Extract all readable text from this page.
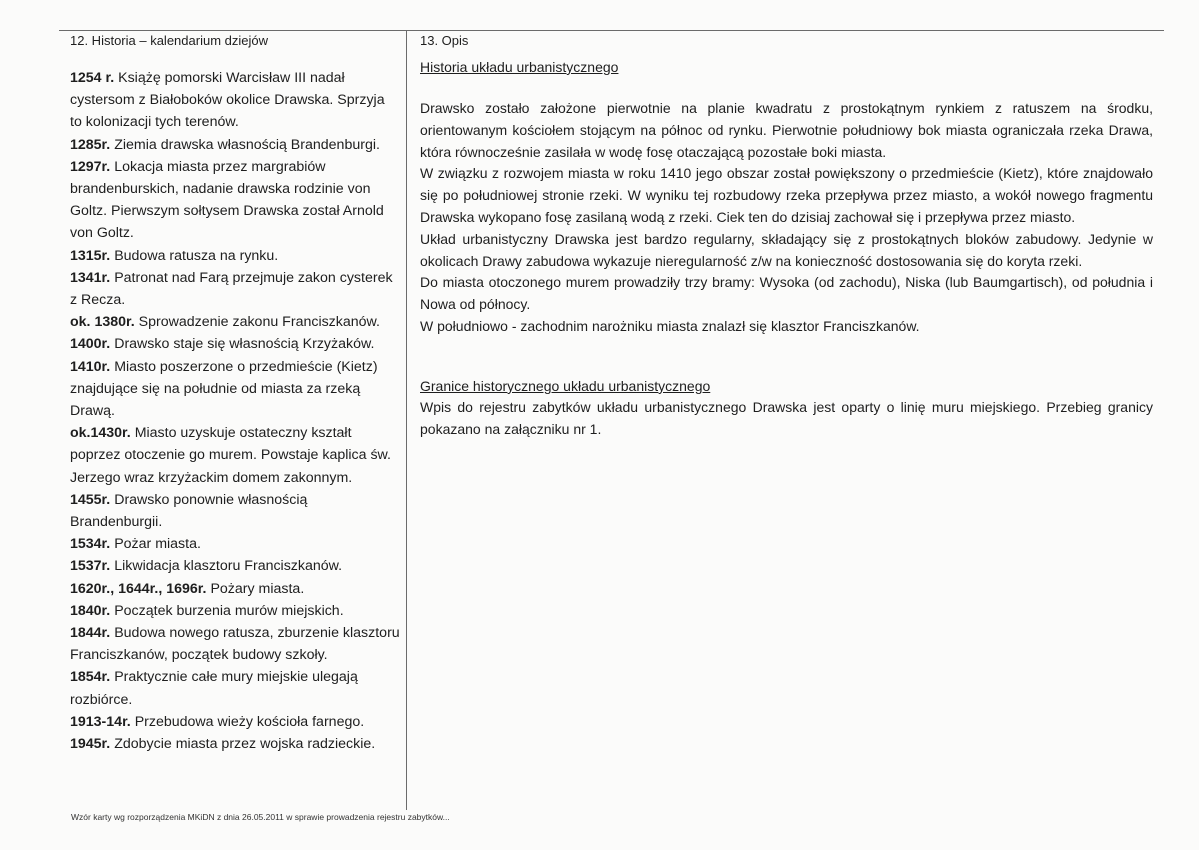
12. Historia – kalendarium dziejów

1254 r. Książę pomorski Warcisław III nadał cystersom z Białoboków okolice Drawska. Sprzyja to kolonizacji tych terenów.
1285r. Ziemia drawska własnością Brandenburgi.
1297r. Lokacja miasta przez margrabiów brandenburskich, nadanie drawska rodzinie von Goltz. Pierwszym sołtysem Drawska został Arnold von Goltz.
1315r. Budowa ratusza na rynku.
1341r. Patronat nad Farą przejmuje zakon cysterek z Recza.
ok. 1380r. Sprowadzenie zakonu Franciszkanów.
1400r. Drawsko staje się własnością Krzyżaków.
1410r. Miasto poszerzone o przedmieście (Kietz) znajdujące się na południe od miasta za rzeką Drawą.
ok.1430r. Miasto uzyskuje ostateczny kształt poprzez otoczenie go murem. Powstaje kaplica św. Jerzego wraz krzyżackim domem zakonnym.
1455r. Drawsko ponownie własnością Brandenburgii.
1534r. Pożar miasta.
1537r. Likwidacja klasztoru Franciszkanów.
1620r., 1644r., 1696r. Pożary miasta.
1840r. Początek burzenia murów miejskich.
1844r. Budowa nowego ratusza, zburzenie klasztoru Franciszkanów, początek budowy szkoły.
1854r. Praktycznie całe mury miejskie ulegają rozbiórce.
1913-14r. Przebudowa wieży kościoła farnego.
1945r. Zdobycie miasta przez wojska radzieckie.

13. Opis

Historia układu urbanistycznego

Drawsko zostało założone pierwotnie na planie kwadratu z prostokątnym rynkiem z ratuszem na środku, orientowanym kościołem stojącym na północ od rynku. Pierwotnie południowy bok miasta ograniczała rzeka Drawa, która równocześnie zasilała w wodę fosę otaczającą pozostałe boki miasta.

W związku z rozwojem miasta w roku 1410 jego obszar został powiększony o przedmieście (Kietz), które znajdowało się po południowej stronie rzeki. W wyniku tej rozbudowy rzeka przepływa przez miasto, a wokół nowego fragmentu Drawska wykopano fosę zasilaną wodą z rzeki. Ciek ten do dzisiaj zachował się i przepływa przez miasto.

Układ urbanistyczny Drawska jest bardzo regularny, składający się z prostokątnych bloków zabudowy. Jedynie w okolicach Drawy zabudowa wykazuje nieregularność z/w na konieczność dostosowania się do koryta rzeki.

Do miasta otoczonego murem prowadziły trzy bramy: Wysoka (od zachodu), Niska (lub Baumgartisch), od południa i Nowa od północy.

W południowo - zachodnim narożniku miasta znalazł się klasztor Franciszkanów.

Granice historycznego układu urbanistycznego

Wpis do rejestru zabytków układu urbanistycznego Drawska jest oparty o linię muru miejskiego. Przebieg granicy pokazano na załączniku nr 1.

Wzór karty wg rozporządzenia MKiDN z dnia 26.05.2011 w sprawie prowadzenia rejestru zabytków...
